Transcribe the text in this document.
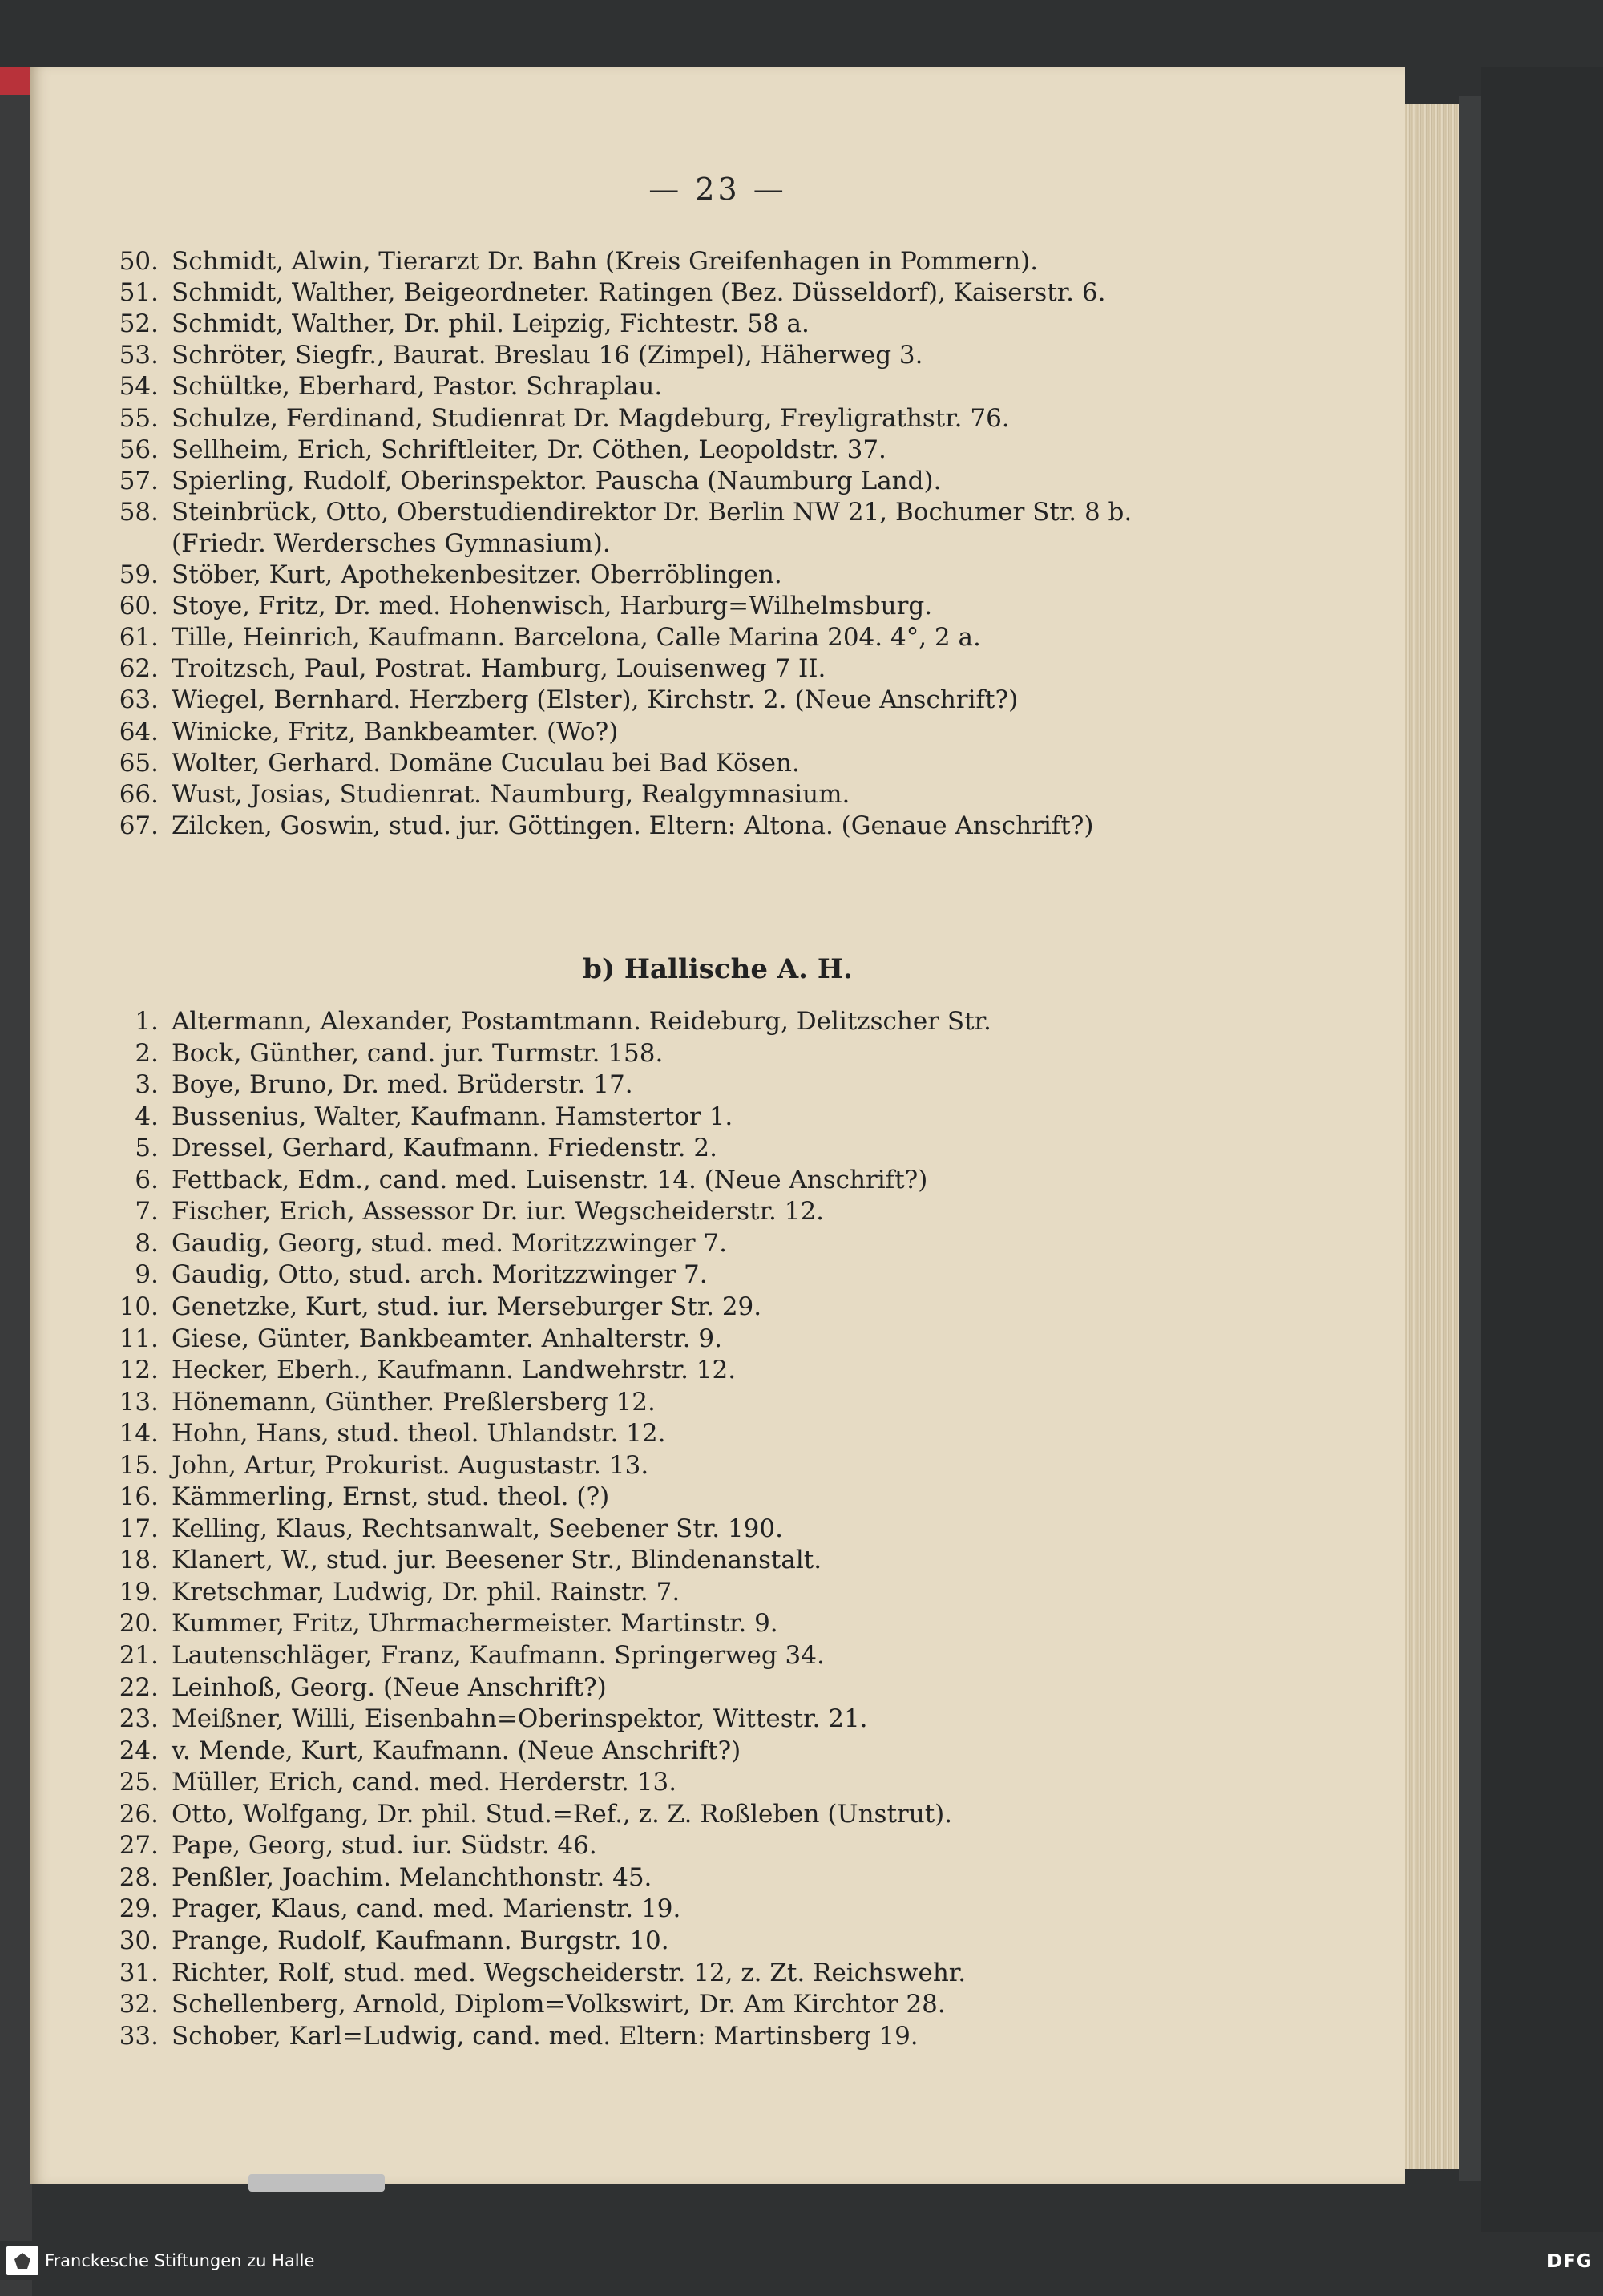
— 23 —
b) Hallische A. H.
50. Schmidt, Alwin, Tierarzt Dr. Bahn (Kreis Greifenhagen in Pommern).
51. Schmidt, Walther, Beigeordneter. Ratingen (Bez. Düsseldorf), Kaiserstr. 6.
52. Schmidt, Walther, Dr. phil. Leipzig, Fichtestr. 58 a.
53. Schröter, Siegfr., Baurat. Breslau 16 (Zimpel), Häherweg 3.
54. Schültke, Eberhard, Pastor. Schraplau.
55. Schulze, Ferdinand, Studienrat Dr. Magdeburg, Freyligrathstr. 76.
56. Sellheim, Erich, Schriftleiter, Dr. Cöthen, Leopoldstr. 37.
57. Spierling, Rudolf, Oberinspektor. Pauscha (Naumburg Land).
58. Steinbrück, Otto, Oberstudiendirektor Dr. Berlin NW 21, Bochumer Str. 8 b.
(Friedr. Werdersches Gymnasium).
59. Stöber, Kurt, Apothekenbesitzer. Oberröblingen.
60. Stoye, Fritz, Dr. med. Hohenwisch, Harburg=Wilhelmsburg.
61. Tille, Heinrich, Kaufmann. Barcelona, Calle Marina 204. 4°, 2 a.
62. Troitzsch, Paul, Postrat. Hamburg, Louisenweg 7 II.
63. Wiegel, Bernhard. Herzberg (Elster), Kirchstr. 2. (Neue Anschrift?)
64. Winicke, Fritz, Bankbeamter. (Wo?)
65. Wolter, Gerhard. Domäne Cuculau bei Bad Kösen.
66. Wust, Josias, Studienrat. Naumburg, Realgymnasium.
67. Zilcken, Goswin, stud. jur. Göttingen. Eltern: Altona. (Genaue Anschrift?)
1. Altermann, Alexander, Postamtmann. Reideburg, Delitzscher Str.
2. Bock, Günther, cand. jur. Turmstr. 158.
3. Boye, Bruno, Dr. med. Brüderstr. 17.
4. Bussenius, Walter, Kaufmann. Hamstertor 1.
5. Dressel, Gerhard, Kaufmann. Friedenstr. 2.
6. Fettback, Edm., cand. med. Luisenstr. 14. (Neue Anschrift?)
7. Fischer, Erich, Assessor Dr. iur. Wegscheiderstr. 12.
8. Gaudig, Georg, stud. med. Moritzzwinger 7.
9. Gaudig, Otto, stud. arch. Moritzzwinger 7.
10. Genetzke, Kurt, stud. iur. Merseburger Str. 29.
11. Giese, Günter, Bankbeamter. Anhalterstr. 9.
12. Hecker, Eberh., Kaufmann. Landwehrstr. 12.
13. Hönemann, Günther. Preßlersberg 12.
14. Hohn, Hans, stud. theol. Uhlandstr. 12.
15. John, Artur, Prokurist. Augustastr. 13.
16. Kämmerling, Ernst, stud. theol. (?)
17. Kelling, Klaus, Rechtsanwalt, Seebener Str. 190.
18. Klanert, W., stud. jur. Beesener Str., Blindenanstalt.
19. Kretschmar, Ludwig, Dr. phil. Rainstr. 7.
20. Kummer, Fritz, Uhrmachermeister. Martinstr. 9.
21. Lautenschläger, Franz, Kaufmann. Springerweg 34.
22. Leinhoß, Georg. (Neue Anschrift?)
23. Meißner, Willi, Eisenbahn=Oberinspektor, Wittestr. 21.
24. v. Mende, Kurt, Kaufmann. (Neue Anschrift?)
25. Müller, Erich, cand. med. Herderstr. 13.
26. Otto, Wolfgang, Dr. phil. Stud.=Ref., z. Z. Roßleben (Unstrut).
27. Pape, Georg, stud. iur. Südstr. 46.
28. Penßler, Joachim. Melanchthonstr. 45.
29. Prager, Klaus, cand. med. Marienstr. 19.
30. Prange, Rudolf, Kaufmann. Burgstr. 10.
31. Richter, Rolf, stud. med. Wegscheiderstr. 12, z. Zt. Reichswehr.
32. Schellenberg, Arnold, Diplom=Volkswirt, Dr. Am Kirchtor 28.
33. Schober, Karl=Ludwig, cand. med. Eltern: Martinsberg 19.
Franckesche Stiftungen zu Halle	DFG
